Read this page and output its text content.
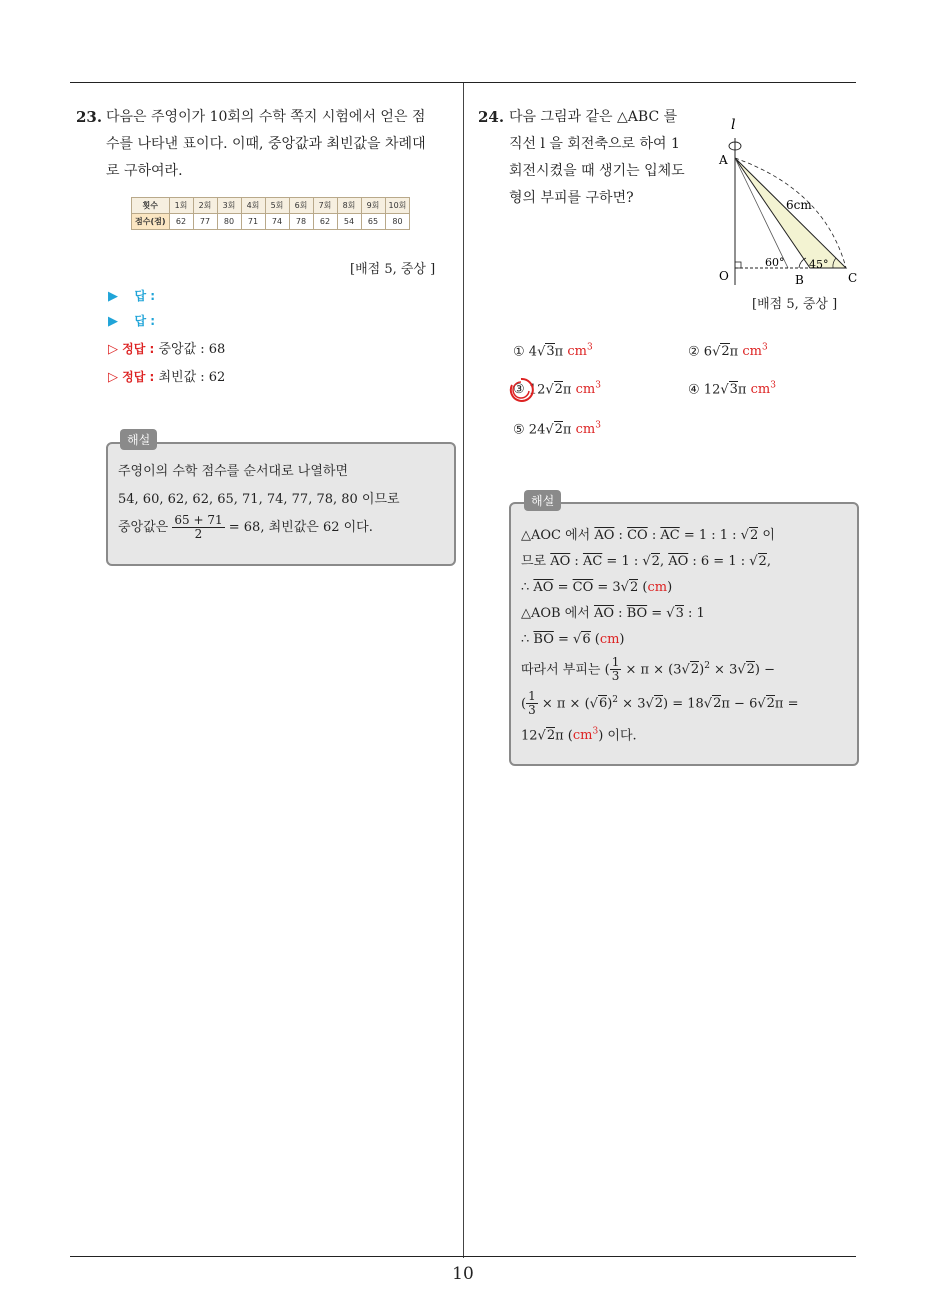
10
23. 다음은 주영이가 10회의 수학 쪽지 시험에서 얻은 점
수를 나타낸 표이다. 이때, 중앙값과 최빈값을 차례대
로 구하여라.
횟수	1회	2회	3회	4회	5회	6회	7회	8회	9회	10회
점수(점)	62	77	80	71	74	78	62	54	65	80
[배점 5, 중상 ]
▶ 답 :
▶ 답 :
▷ 정답 : 중앙값 : 68
▷ 정답 : 최빈값 : 62
주영이의 수학 점수를 순서대로 나열하면
54, 60, 62, 62, 65, 71, 74, 77, 78, 80 이므로
중앙값은 $\frac{65 + 71}{2} = 68$, 최빈값은 62 이다.
해설
24. 다음 그림과 같은 △ABC 를
직선 l 을 회전축으로 하여 1
회전시켰을 때 생기는 입체도
형의 부피를 구하면?
l
A
O	B	C
6cm
60° 45°
[배점 5, 중상 ]
① 4√3π $cm^3$	② 6√2π $cm^3$
③ 12√2π $cm^3$	④ 12√3π $cm^3$
⑤ 24√2π $cm^3$
△AOC 에서 $\overline{AO}$ : $\overline{CO}$ : $\overline{AC} = 1$ : 1 : √2 이
므로 $\overline{AO}$ : $\overline{AC} = 1$ : √2, $\overline{AO}$ : 6 = 1 : √2,
∴ $\overline{AO} = \overline{CO} = 3√2$ (cm)
△AOB 에서 $\overline{AO}$ : $\overline{BO} = √3$ : 1
∴ $\overline{BO} = √6$ (cm)
따라서 부피는 ( $\frac{1}{3} \times \pi \times (3√2)^2 \times 3√2$) −
( $\frac{1}{3} \times \pi \times (√6)^2 \times 3√2) = 18√2\pi - 6√2\pi$ =
12√2π $(cm^3)$ 이다.
해설
